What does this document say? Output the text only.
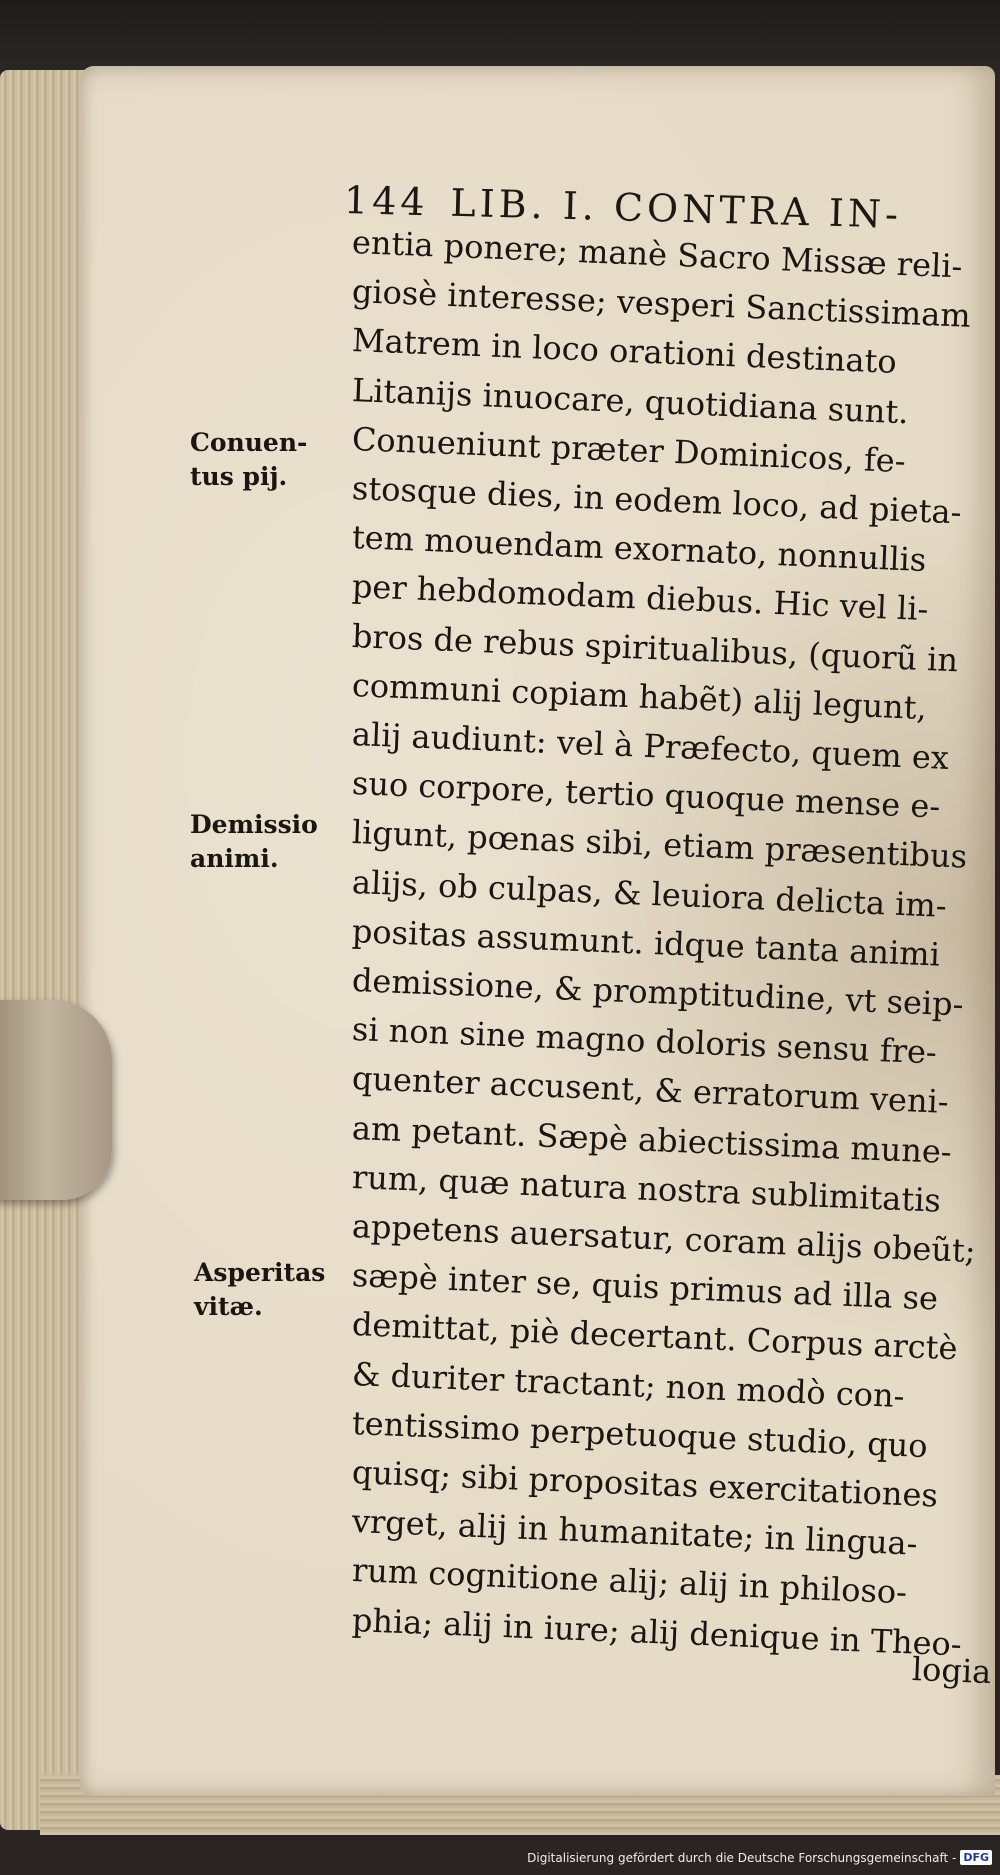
144 LIB. I. CONTRA IN-
entia ponere; manè Sacro Missæ reli-
giosè interesse; vesperi Sanctissimam
Matrem in loco orationi destinato
Litanijs inuocare, quotidiana sunt.
Conueniunt præter Dominicos, fe-
stosque dies, in eodem loco, ad pieta-
tem mouendam exornato, nonnullis
per hebdomodam diebus. Hic vel li-
bros de rebus spiritualibus, (quorũ in
communi copiam habẽt) alij legunt,
alij audiunt: vel à Præfecto, quem ex
suo corpore, tertio quoque mense e-
ligunt, pœnas sibi, etiam præsentibus
alijs, ob culpas, & leuiora delicta im-
positas assumunt. idque tanta animi
demissione, & promptitudine, vt seip-
si non sine magno doloris sensu fre-
quenter accusent, & erratorum veni-
am petant. Sæpè abiectissima mune-
rum, quæ natura nostra sublimitatis
appetens auersatur, coram alijs obeũt;
sæpè inter se, quis primus ad illa se
demittat, piè decertant. Corpus arctè
& duriter tractant; non modò con-
tentissimo perpetuoque studio, quo
quisq; sibi propositas exercitationes
vrget, alij in humanitate; in lingua-
rum cognitione alij; alij in philoso-
phia; alij in iure; alij denique in Theo-
logia
Conuen-
tus pij.
Demissio
animi.
Asperitas
vitæ.
Digitalisierung gefördert durch die Deutsche Forschungsgemeinschaft - DFG
